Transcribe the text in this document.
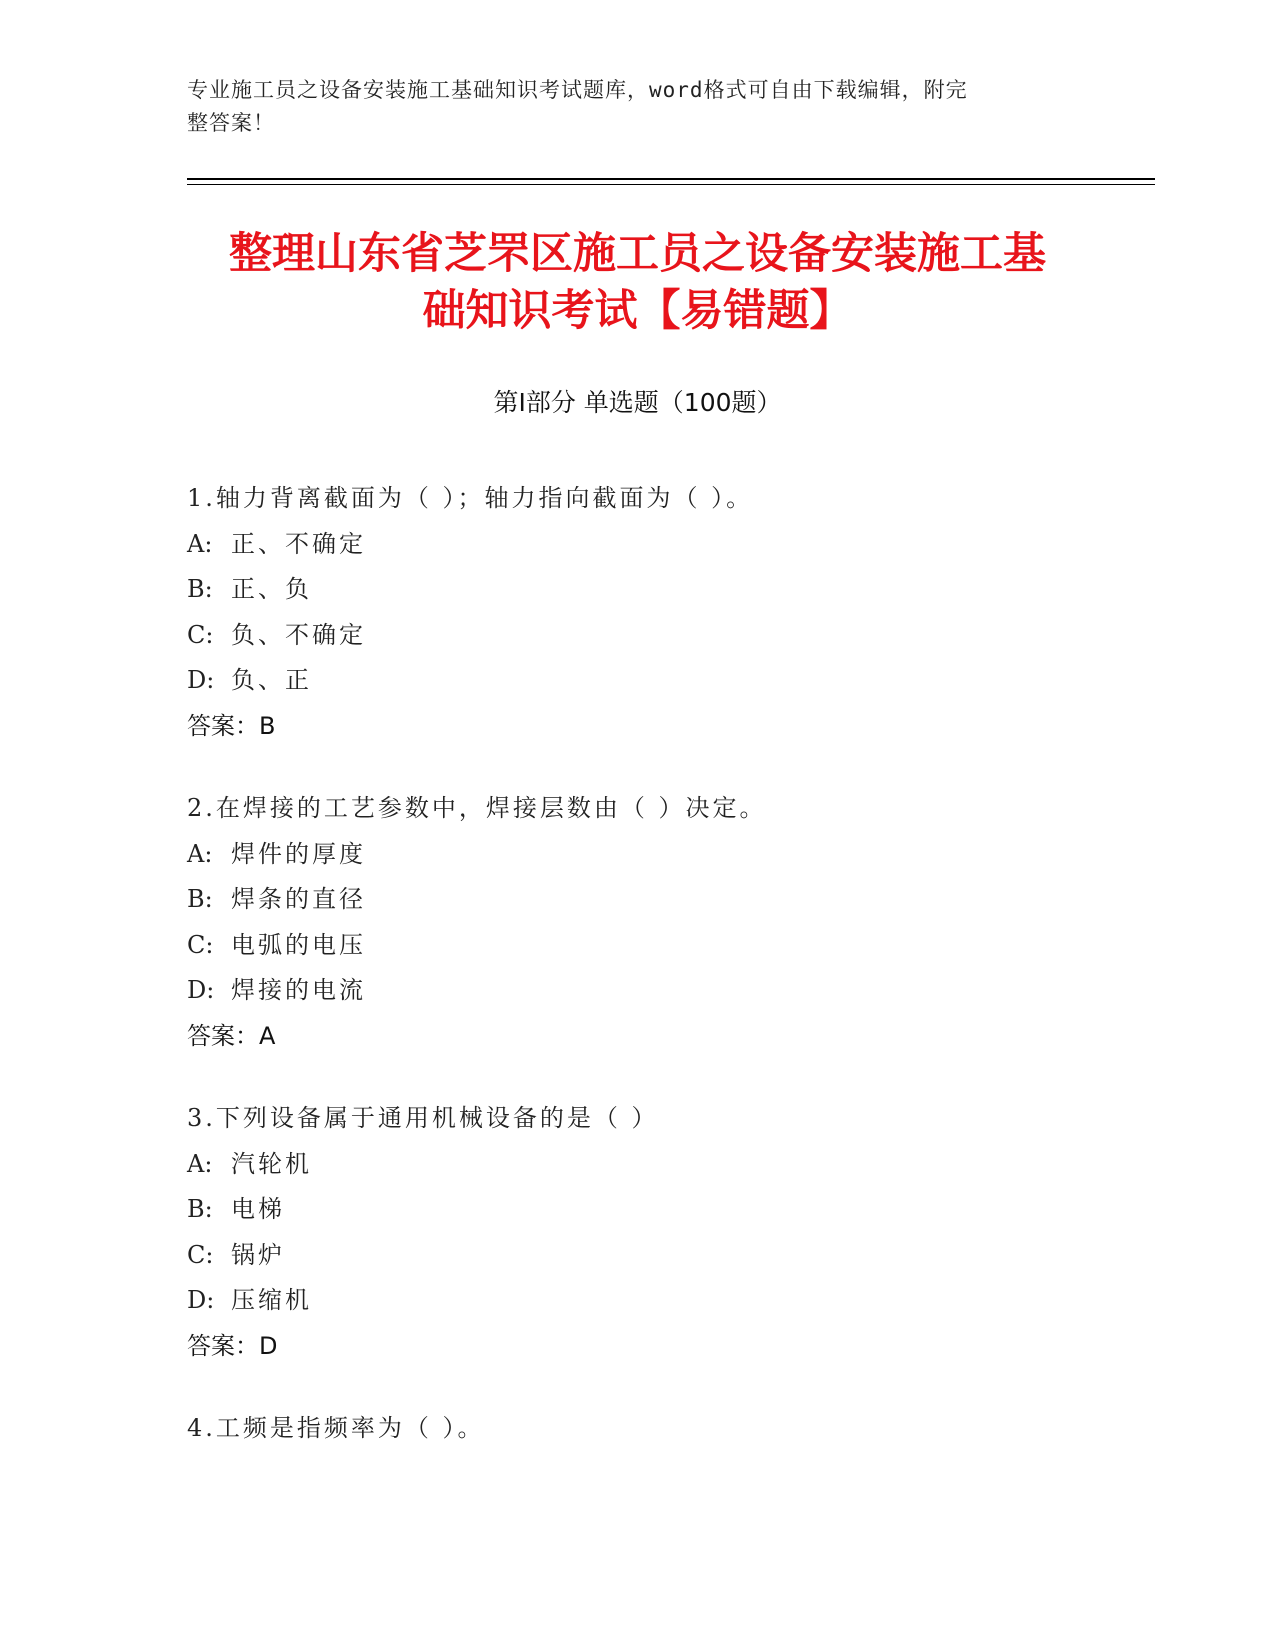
专业施工员之设备安装施工基础知识考试题库，word格式可自由下载编辑，附完
整答案！
整理山东省芝罘区施工员之设备安装施工基
础知识考试【易错题】
第I部分 单选题（100题）
1.轴力背离截面为（ ）；轴力指向截面为（ ）。
A: 正、不确定
B: 正、负
C: 负、不确定
D: 负、正
答案：B
2.在焊接的工艺参数中，焊接层数由（ ）决定。
A: 焊件的厚度
B: 焊条的直径
C: 电弧的电压
D: 焊接的电流
答案：A
3.下列设备属于通用机械设备的是（ ）
A: 汽轮机
B: 电梯
C: 锅炉
D: 压缩机
答案：D
4.工频是指频率为（ ）。
